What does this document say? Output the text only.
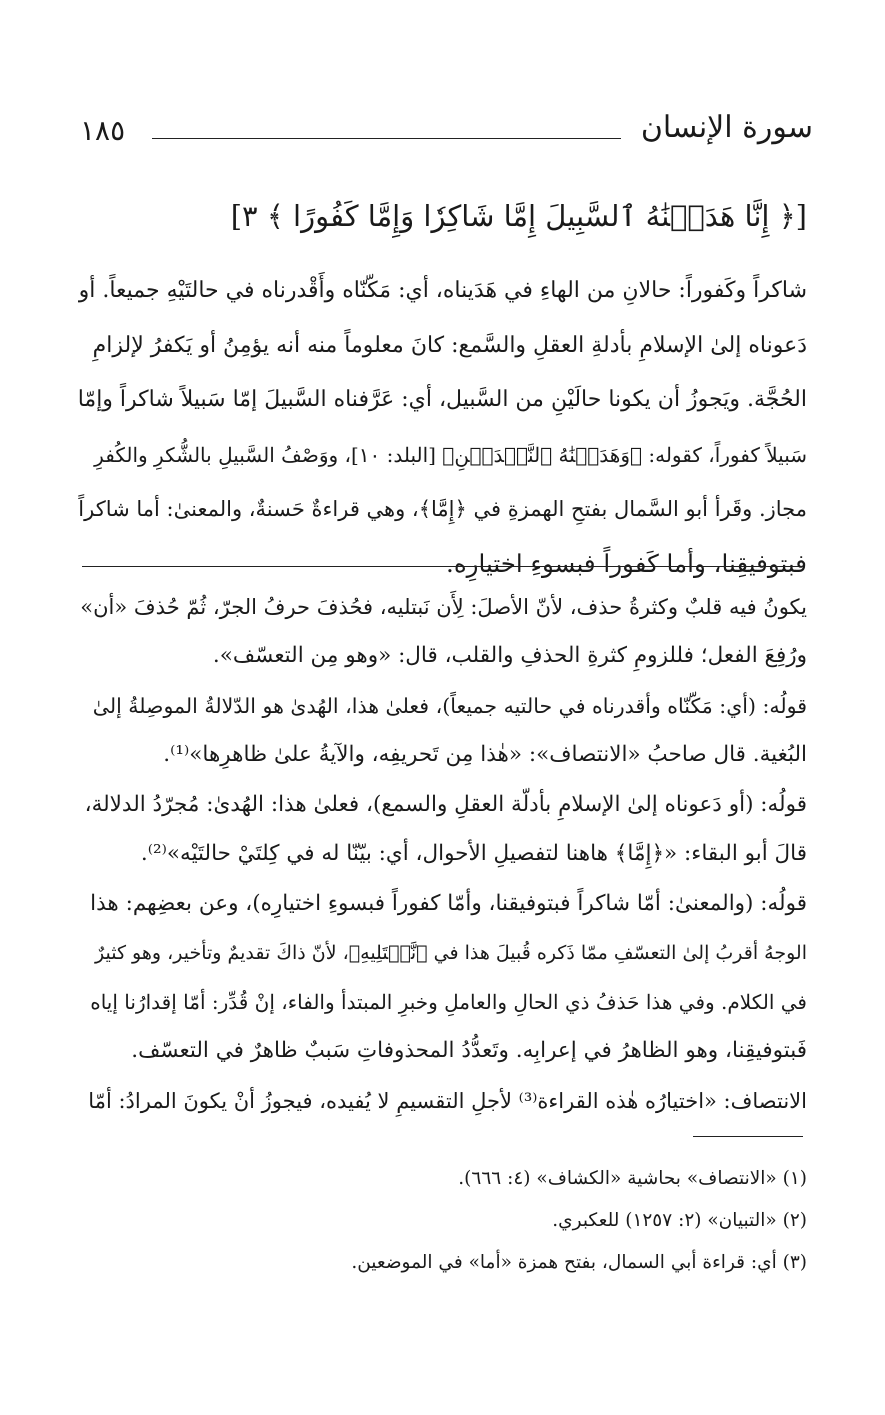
١٨٥	سورة الإنسان
[﴿ إِنَّا هَدَيۡنَٰهُ ٱلسَّبِيلَ إِمَّا شَاكِرٗا وَإِمَّا كَفُورًا ﴾ ٣]
شاكراً وكَفوراً: حالانِ من الهاءِ في هَدَيناه، أي: مَكّنّاه وأَقْدرناه في حالتَيْهِ جميعاً. أو
دَعوناه إلىٰ الإسلامِ بأدلةِ العقلِ والسَّمع: كانَ معلوماً منه أنه يؤمِنُ أو يَكفرُ لإلزامِ
الحُجَّة. ويَجوزُ أن يكونا حالَيْنِ من السَّبيل، أي: عَرَّفناه السَّبيلَ إمّا سَبيلاً شاكراً وإمّا
سَبيلاً كفوراً، كقوله: ﴿وَهَدَيۡنَٰهُ ٱلنَّجۡدَيۡنِ﴾ [البلد: ١٠]، ووَصْفُ السَّبيلِ بالشُّكرِ والكُفرِ
مجاز. وقَرأ أبو السَّمال بفتحِ الهمزةِ في ﴿إِمَّا﴾، وهي قراءةٌ حَسنةٌ، والمعنىٰ: أما شاكراً
فبتوفيقِنا، وأما كَفوراً فبسوءِ اختيارِه.
يكونُ فيه قلبٌ وكثرةُ حذف، لأنّ الأصلَ: لِأَن نَبتليه، فحُذفَ حرفُ الجرّ، ثُمّ حُذفَ «أن»
ورُفِعَ الفعل؛ فللزومِ كثرةِ الحذفِ والقلب، قال: «وهو مِن التعسّف».
قولُه: (أي: مَكّنّاه وأقدرناه في حالتيه جميعاً)، فعلىٰ هذا، الهُدىٰ هو الدّلالةُ الموصِلةُ إلىٰ
البُغية. قال صاحبُ «الانتصاف»: «هٰذا مِن تَحريفِه، والآيةُ علىٰ ظاهرِها»⁽¹⁾.
قولُه: (أو دَعوناه إلىٰ الإسلامِ بأدلّة العقلِ والسمع)، فعلىٰ هذا: الهُدىٰ: مُجرّدُ الدلالة،
قالَ أبو البقاء: «﴿إِمَّا﴾ هاهنا لتفصيلِ الأحوال، أي: بيّنّا له في كِلتَيْ حالتَيْه»⁽²⁾.
قولُه: (والمعنىٰ: أمّا شاكراً فبتوفيقنا، وأمّا كفوراً فبسوءِ اختيارِه)، وعن بعضِهم: هذا
الوجهُ أقربُ إلىٰ التعسّفِ ممّا ذَكره قُبيلَ هذا في ﴿نَّبۡتَلِيهِ﴾، لأنّ ذاكَ تقديمٌ وتأخير، وهو كثيرٌ
في الكلام. وفي هذا حَذفُ ذي الحالِ والعاملِ وخبرِ المبتدأ والفاء، إنْ قُدِّر: أمّا إقدارُنا إياه
فَبتوفيقِنا، وهو الظاهرُ في إعرابِه. وتَعدُّدُ المحذوفاتِ سَببٌ ظاهرٌ في التعسّف.
الانتصاف: «اختيارُه هٰذه القراءة⁽³⁾ لأجلِ التقسيمِ لا يُفيده، فيجوزُ أنْ يكونَ المرادُ: أمّا
(١) «الانتصاف» بحاشية «الكشاف» (٤: ٦٦٦).
(٢) «التبيان» (٢: ١٢٥٧) للعكبري.
(٣) أي: قراءة أبي السمال، بفتح همزة «أما» في الموضعين.
